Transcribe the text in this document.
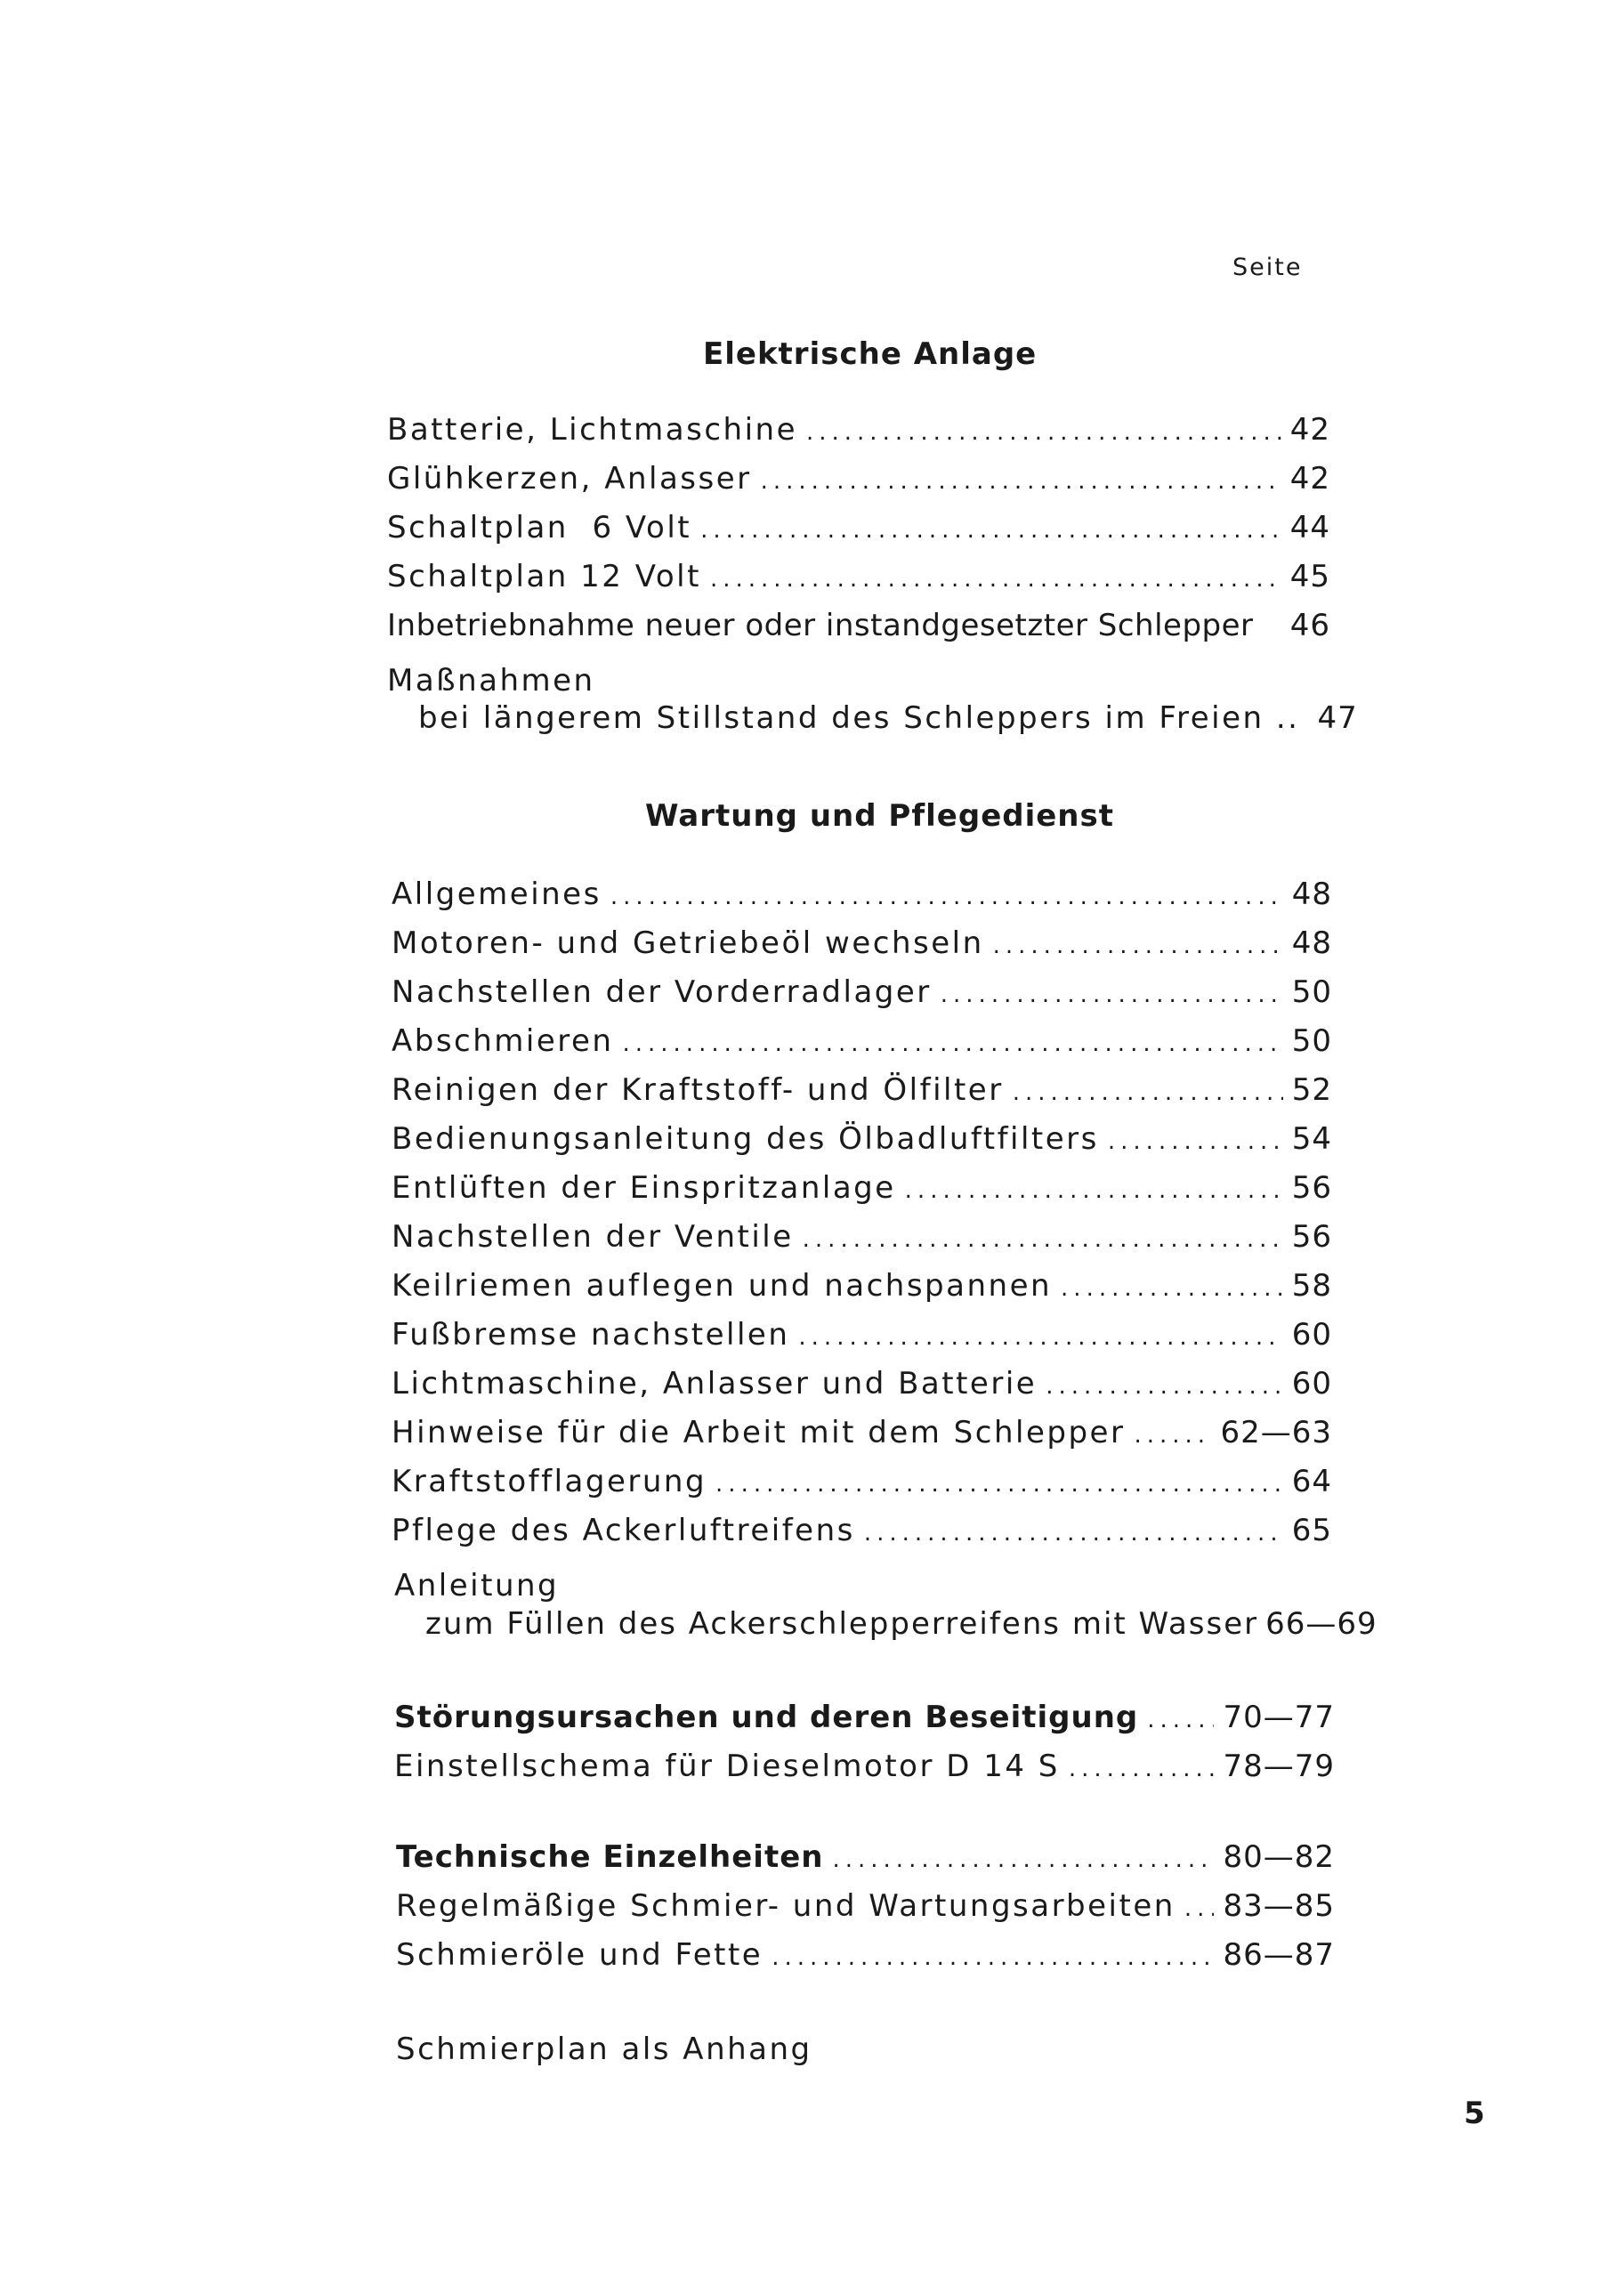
Seite
Elektrische Anlage
Batterie, Lichtmaschine .....	42
Glühkerzen, Anlasser .....	42
Schaltplan  6 Volt .....	44
Schaltplan 12 Volt .....	45
Inbetriebnahme neuer oder instandgesetzter Schlepper 46
Maßnahmen
bei längerem Stillstand des Schleppers im Freien .. 47
Wartung und Pflegedienst
Allgemeines .....	48
Motoren- und Getriebeöl wechseln .....	48
Nachstellen der Vorderradlager .....	50
Abschmieren .....	50
Reinigen der Kraftstoff- und Ölfilter .....	52
Bedienungsanleitung des Ölbadluftfilters .....	54
Entlüften der Einspritzanlage .....	56
Nachstellen der Ventile .....	56
Keilriemen auflegen und nachspannen .....	58
Fußbremse nachstellen .....	60
Lichtmaschine, Anlasser und Batterie .....	60
Hinweise für die Arbeit mit dem Schlepper .....	62—63
Kraftstofflagerung .....	64
Pflege des Ackerluftreifens .....	65
Anleitung
zum Füllen des Ackerschlepperreifens mit Wasser 66—69
Störungsursachen und deren Beseitigung .....	70—77
Einstellschema für Dieselmotor D 14 S .....	78—79
Technische Einzelheiten .....	80—82
Regelmäßige Schmier- und Wartungsarbeiten ..... 83—85
Schmieröle und Fette .....	86—87
Schmierplan als Anhang
5
